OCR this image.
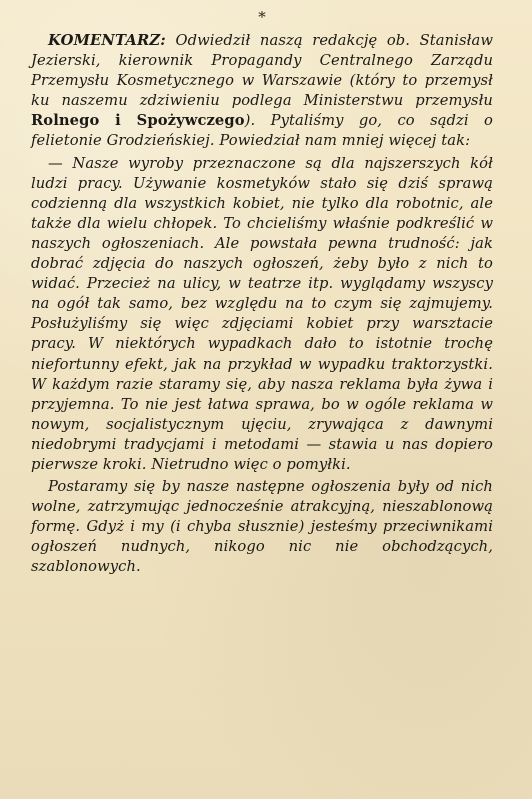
*

KOMENTARZ: Odwiedził naszą redakcję ob. Stanisław Jezierski, kierownik Propagandy Centralnego Zarządu Przemysłu Kosmetycznego w Warszawie (który to przemysł ku naszemu zdziwieniu podlega Ministerstwu przemysłu Rolnego i Spożywczego). Pytaliśmy go, co sądzi o felietonie Grodzieńskiej. Powiedział nam mniej więcej tak:

— Nasze wyroby przeznaczone są dla najszerszych kół ludzi pracy. Używanie kosmetyków stało się dziś sprawą codzienną dla wszystkich kobiet, nie tylko dla robotnic, ale także dla wielu chłopek. To chcieliśmy właśnie podkreślić w naszych ogłoszeniach. Ale powstała pewna trudność: jak dobrać zdjęcia do naszych ogłoszeń, żeby było z nich to widać. Przecież na ulicy, w teatrze itp. wyglądamy wszyscy na ogół tak samo, bez względu na to czym się zajmujemy. Posłużyliśmy się więc zdjęciami kobiet przy warsztacie pracy. W niektórych wypadkach dało to istotnie trochę niefortunny efekt, jak na przykład w wypadku traktorzystki. W każdym razie staramy się, aby nasza reklama była żywa i przyjemna. To nie jest łatwa sprawa, bo w ogóle reklama w nowym, socjalistycznym ujęciu, zrywająca z dawnymi niedobrymi tradycjami i metodami — stawia u nas dopiero pierwsze kroki. Nietrudno więc o pomyłki.

Postaramy się by nasze następne ogłoszenia były od nich wolne, zatrzymując jednocześnie atrakcyjną, nieszablonową formę. Gdyż i my (i chyba słusznie) jesteśmy przeciwnikami ogłoszeń nudnych, nikogo nic nie obchodzących, szablonowych.
